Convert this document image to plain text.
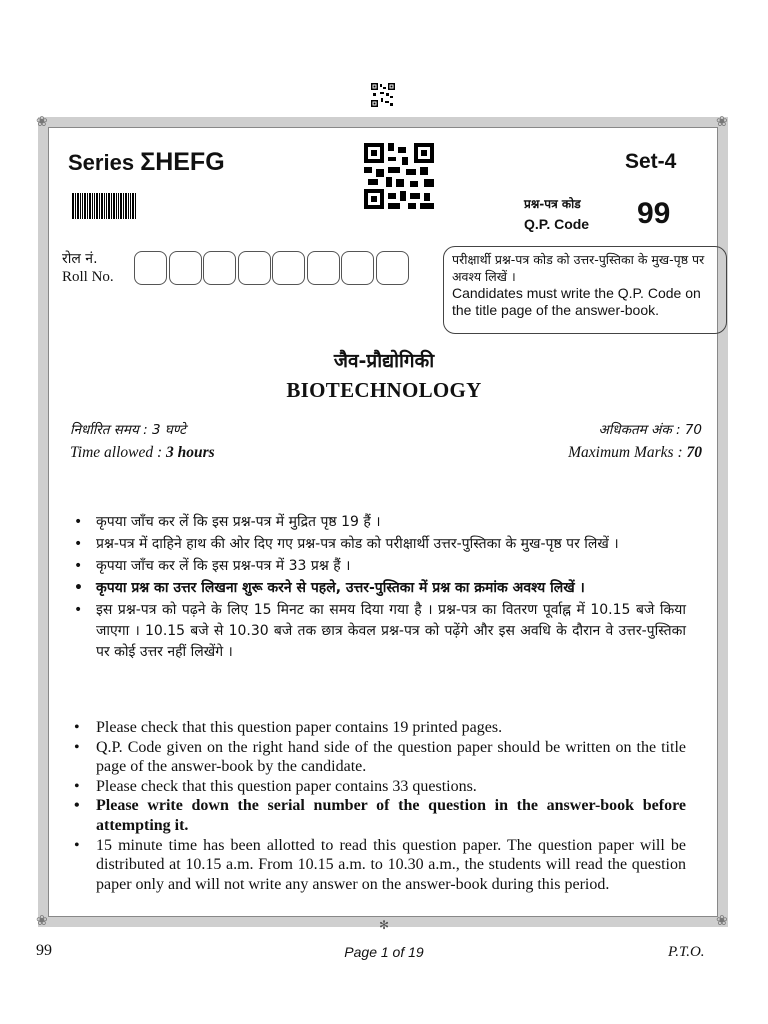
❀	❀
❀	❀
✻
Series ΣHEFG	Set-4
प्रश्न-पत्र कोड
Q.P. Code 99
रोल नं.
Roll No.
परीक्षार्थी प्रश्न-पत्र कोड को उत्तर-पुस्तिका के मुख-पृष्ठ पर अवश्य लिखें ।
Candidates must write the Q.P. Code on the title page of the answer-book.
जैव-प्रौद्योगिकी
BIOTECHNOLOGY
निर्धारित समय : 3 घण्टे	अधिकतम अंक : 70
Time allowed : 3 hours	Maximum Marks : 70
• कृपया जाँच कर लें कि इस प्रश्न-पत्र में मुद्रित पृष्ठ 19 हैं ।
• प्रश्न-पत्र में दाहिने हाथ की ओर दिए गए प्रश्न-पत्र कोड को परीक्षार्थी उत्तर-पुस्तिका के मुख-पृष्ठ पर लिखें ।
• कृपया जाँच कर लें कि इस प्रश्न-पत्र में 33 प्रश्न हैं ।
• कृपया प्रश्न का उत्तर लिखना शुरू करने से पहले, उत्तर-पुस्तिका में प्रश्न का क्रमांक अवश्य लिखें ।
• इस प्रश्न-पत्र को पढ़ने के लिए 15 मिनट का समय दिया गया है । प्रश्न-पत्र का वितरण पूर्वाह्न में 10.15 बजे किया जाएगा । 10.15 बजे से 10.30 बजे तक छात्र केवल प्रश्न-पत्र को पढ़ेंगे और इस अवधि के दौरान वे उत्तर-पुस्तिका पर कोई उत्तर नहीं लिखेंगे ।
• Please check that this question paper contains 19 printed pages.
• Q.P. Code given on the right hand side of the question paper should be written on the title page of the answer-book by the candidate.
• Please check that this question paper contains 33 questions.
• Please write down the serial number of the question in the answer-book before attempting it.
• 15 minute time has been allotted to read this question paper. The question paper will be distributed at 10.15 a.m. From 10.15 a.m. to 10.30 a.m., the students will read the question paper only and will not write any answer on the answer-book during this period.
99	Page 1 of 19	P.T.O.
